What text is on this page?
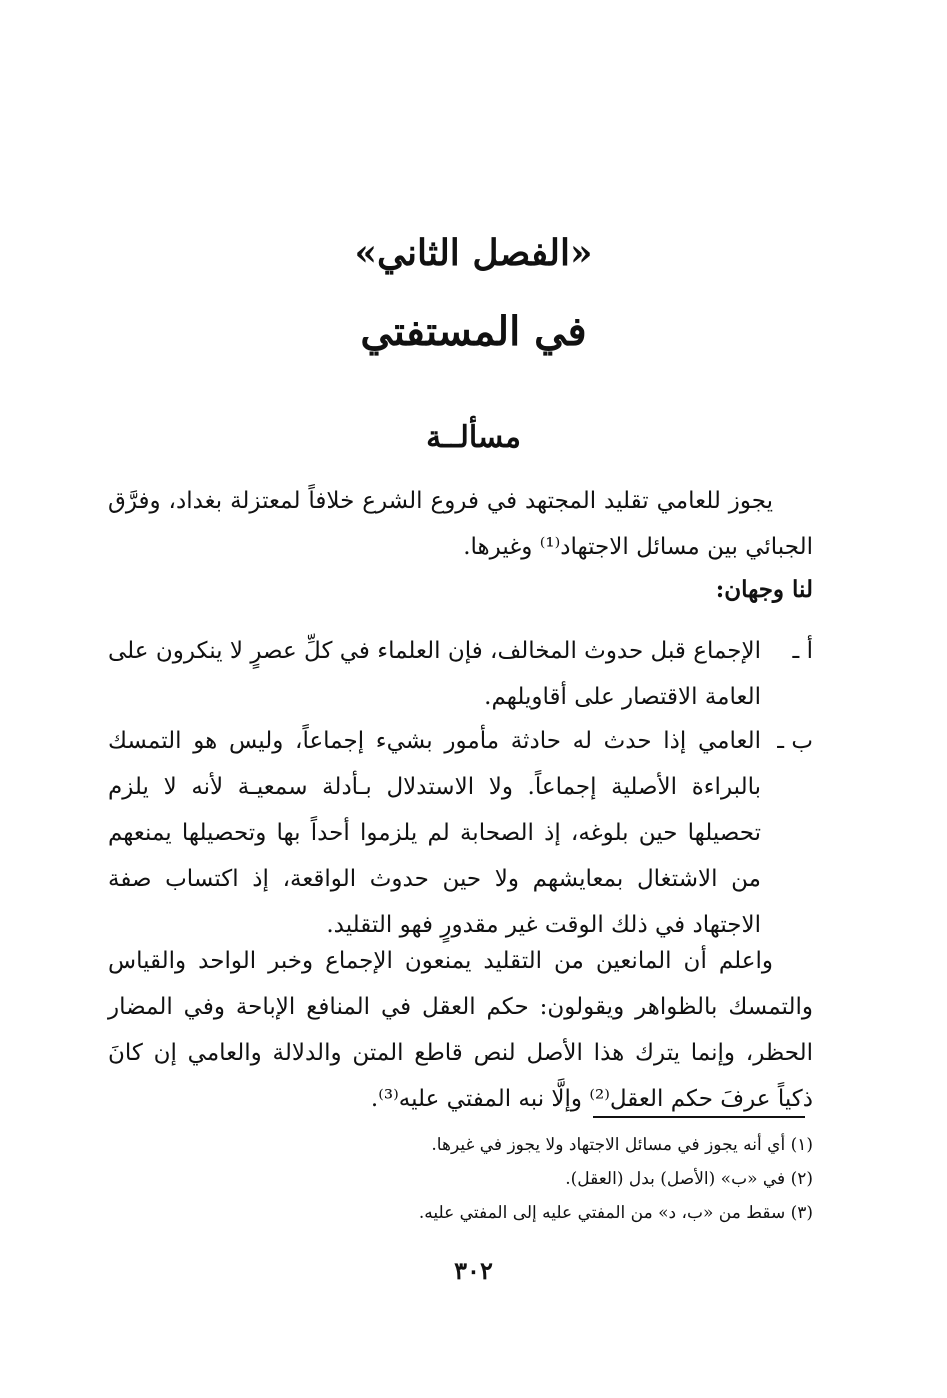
«الفصل الثاني»
في المستفتي
مسألــة

يجوز للعامي تقليد المجتهد في فروع الشرع خلافاً لمعتزلة بغداد، وفرَّق الجبائي بين مسائل الاجتهاد⁽¹⁾ وغيرها.

لنا وجهان:
أ ـ
الإجماع قبل حدوث المخالف، فإن العلماء في كلِّ عصرٍ لا ينكرون على العامة الاقتصار على أقاويلهم.
ب ـ
العامي إذا حدث له حادثة مأمور بشيء إجماعاً، وليس هو التمسك بالبراءة الأصلية إجماعاً. ولا الاستدلال بـأدلة سمعيـة لأنه لا يلزم تحصيلها حين بلوغه، إذ الصحابة لم يلزموا أحداً بها وتحصيلها يمنعهم من الاشتغال بمعايشهم ولا حين حدوث الواقعة، إذ اكتساب صفة الاجتهاد في ذلك الوقت غير مقدورٍ فهو التقليد.

واعلم أن المانعين من التقليد يمنعون الإجماع وخبر الواحد والقياس والتمسك بالظواهر ويقولون: حكم العقل في المنافع الإباحة وفي المضار الحظر، وإنما يترك هذا الأصل لنص قاطع المتن والدلالة والعامي إن كانَ ذكياً عرفَ حكم العقل⁽²⁾ وإلَّا نبه المفتي عليه⁽³⁾.

(١) أي أنه يجوز في مسائل الاجتهاد ولا يجوز في غيرها.
(٢) في «ب» (الأصل) بدل (العقل).
(٣) سقط من «ب، د» من المفتي عليه إلى المفتي عليه.
٣٠٢
